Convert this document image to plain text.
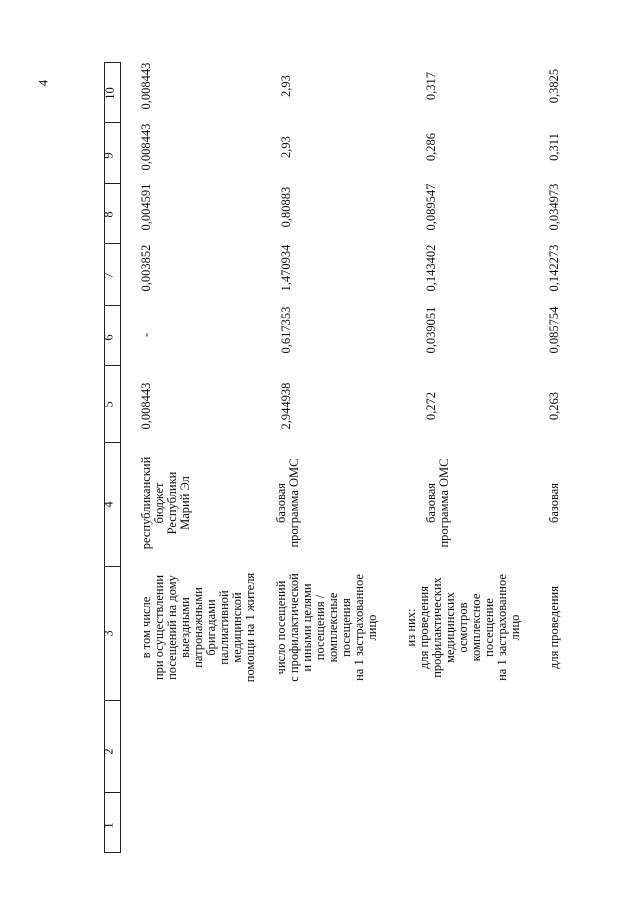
4
1
2
3
4
5
6
7
8
9
10
в том числе
при осуществлении
посещений на дому
выездными
патронажными
бригадами
паллиативной
медицинской
помощи на 1 жителя
республиканский
бюджет
Республики
Марий Эл
0,008443
-
0,003852
0,004591
0,008443
0,008443
число посещений
с профилактической
и иными целями
посещения /
комплексные
посещения
на 1 застрахованное
лицо
базовая
программа ОМС
2,944938
0,617353
1,470934
0,80883
2,93
2,93
из них:
для проведения
профилактических
медицинских
осмотров
комплексное
посещение
на 1 застрахованное
лицо
базовая
программа ОМС
0,272
0,039051
0,143402
0,089547
0,286
0,317
для проведения
базовая
0,263
0,085754
0,142273
0,034973
0,311
0,3825
